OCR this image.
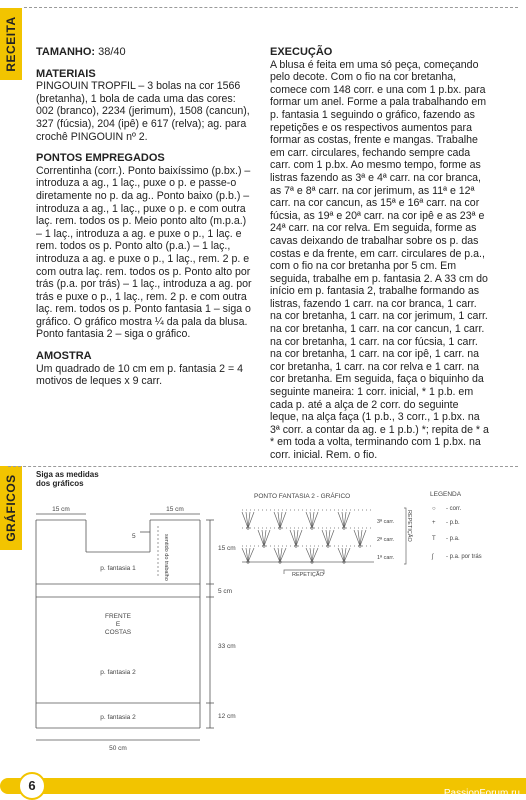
RECEITA
GRÁFICOS

TAMANHO: 38/40

MATERIAIS

PINGOUIN TROPFIL – 3 bolas na cor 1566 (bretanha), 1 bola de cada uma das cores: 002 (branco), 2234 (jerimum), 1508 (cancun), 327 (fúcsia), 204 (ipê) e 617 (relva); ag. para crochê PINGOUIN nº 2.

PONTOS EMPREGADOS

Correntinha (corr.). Ponto baixíssimo (p.bx.) – introduza a ag., 1 laç., puxe o p. e passe-o diretamente no p. da ag.. Ponto baixo (p.b.) – introduza a ag., 1 laç., puxe o p. e com outra laç. rem. todos os p. Meio ponto alto (m.p.a.) – 1 laç., introduza a ag. e puxe o p., 1 laç. e rem. todos os p. Ponto alto (p.a.) – 1 laç., introduza a ag. e puxe o p., 1 laç., rem. 2 p. e com outra laç. rem. todos os p. Ponto alto por trás (p.a. por trás) – 1 laç., introduza a ag. por trás e puxe o p., 1 laç., rem. 2 p. e com outra laç. rem. todos os p. Ponto fantasia 1 – siga o gráfico. O gráfico mostra ¼ da pala da blusa. Ponto fantasia 2 – siga o gráfico.

AMOSTRA

Um quadrado de 10 cm em p. fantasia 2 = 4 motivos de leques x 9 carr.

EXECUÇÃO

A blusa é feita em uma só peça, começando pelo decote. Com o fio na cor bretanha, comece com 148 corr. e una com 1 p.bx. para formar um anel. Forme a pala trabalhando em p. fantasia 1 seguindo o gráfico, fazendo as repetições e os respectivos aumentos para formar as costas, frente e mangas. Trabalhe em carr. circulares, fechando sempre cada carr. com 1 p.bx. Ao mesmo tempo, forme as listras fazendo as 3ª e 4ª carr. na cor branca, as 7ª e 8ª carr. na cor jerimum, as 11ª e 12ª carr. na cor cancun, as 15ª e 16ª carr. na cor fúcsia, as 19ª e 20ª carr. na cor ipê e as 23ª e 24ª carr. na cor relva. Em seguida, forme as cavas deixando de trabalhar sobre os p. das costas e da frente, em carr. circulares de p.a., com o fio na cor bretanha por 5 cm. Em seguida, trabalhe em p. fantasia 2. A 33 cm do início em p. fantasia 2, trabalhe formando as listras, fazendo 1 carr. na cor branca, 1 carr. na cor bretanha, 1 carr. na cor jerimum, 1 carr. na cor bretanha, 1 carr. na cor cancun, 1 carr. na cor bretanha, 1 carr. na cor fúcsia, 1 carr. na cor bretanha, 1 carr. na cor ipê, 1 carr. na cor bretanha, 1 carr. na cor relva e 1 carr. na cor bretanha. Em seguida, faça o biquinho da seguinte maneira: 1 corr. inicial, * 1 p.b. em cada p. até a alça de 2 corr. do seguinte leque, na alça faça (1 p.b., 3 corr., 1 p.bx. na 3ª corr. a contar da ag. e 1 p.b.) *; repita de * a * em toda a volta, terminando com 1 p.bx. na corr. inicial. Rem. o fio.

Siga as medidas
dos gráficos
15 cm	15 cm
5	sentido do trabalho
p. fantasia 1
FRENTE
E
COSTAS
p. fantasia 2
p. fantasia 2
15 cm
5 cm
33 cm
12 cm
50 cm
PONTO FANTASIA 2 - GRÁFICO	LEGENDA
3ª carr.
2ª carr.
1ª carr.
REPETIÇÃO
REPETIÇÃO
○ - corr.
+ - p.b.
T - p.a.
ʃ - p.a. por trás
PassionForum.ru
6
